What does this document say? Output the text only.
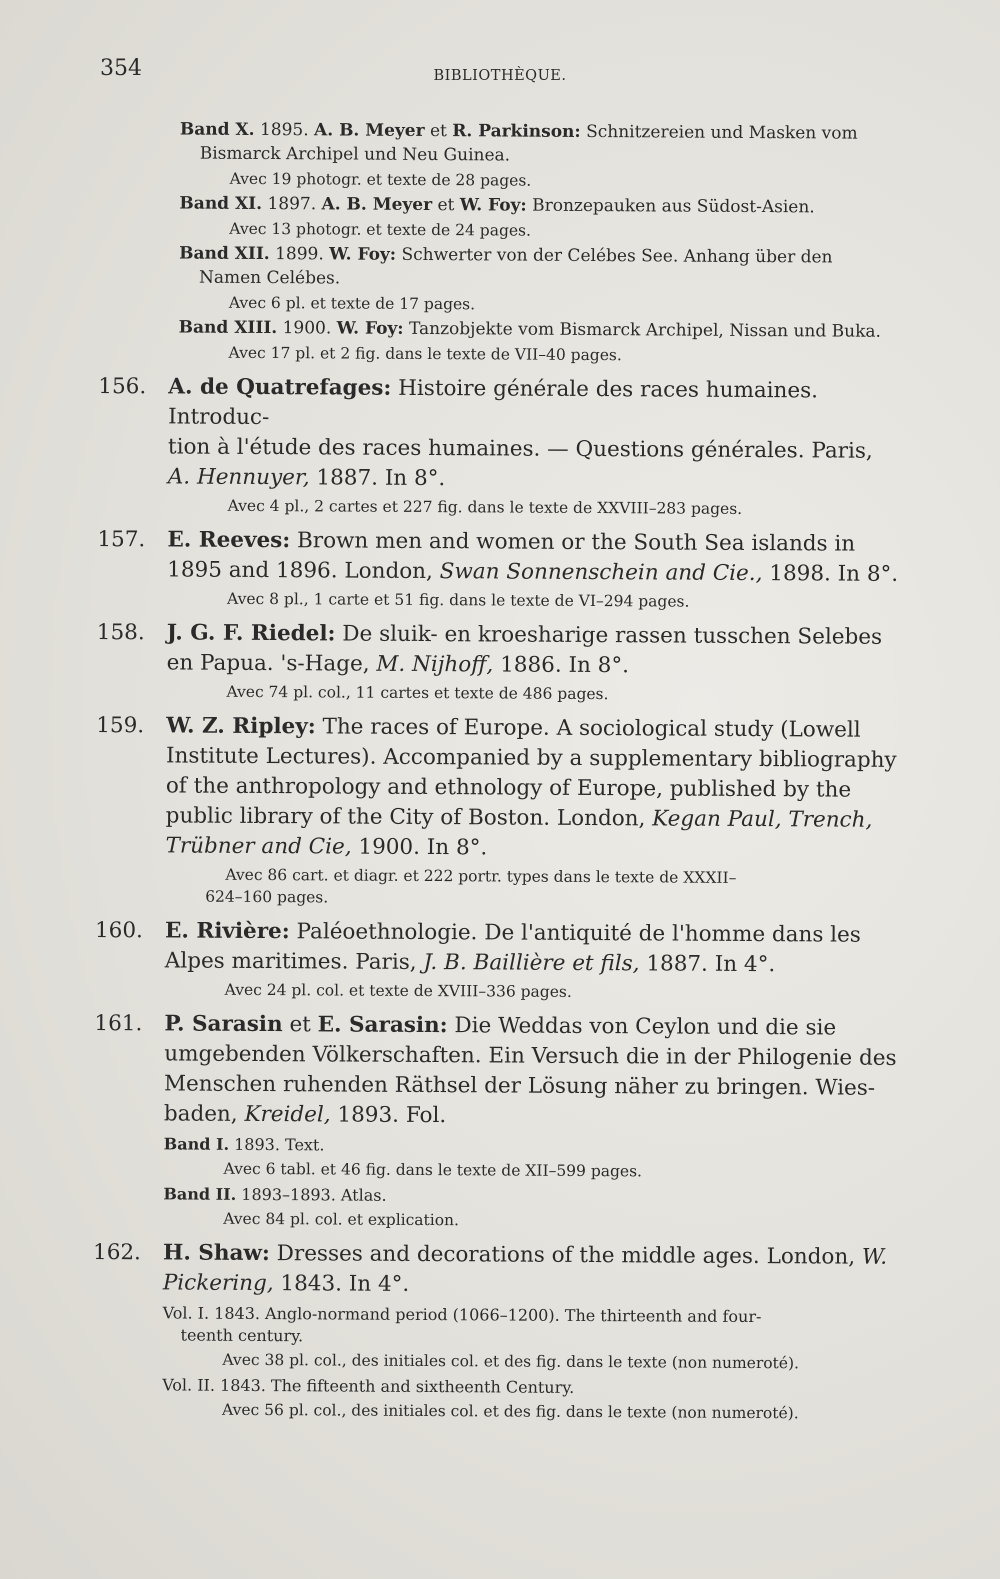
354	BIBLIOTHÈQUE.
Band X. 1895. A. B. Meyer et R. Parkinson: Schnitzereien und Masken vom
Bismarck Archipel und Neu Guinea.
Avec 19 photogr. et texte de 28 pages.
Band XI. 1897. A. B. Meyer et W. Foy: Bronzepauken aus Südost-Asien.
Avec 13 photogr. et texte de 24 pages.
Band XII. 1899. W. Foy: Schwerter von der Celébes See. Anhang über den
Namen Celébes.
Avec 6 pl. et texte de 17 pages.
Band XIII. 1900. W. Foy: Tanzobjekte vom Bismarck Archipel, Nissan und Buka.
Avec 17 pl. et 2 fig. dans le texte de VII–40 pages.
156. A. de Quatrefages: Histoire générale des races humaines. Introduc-
tion à l'étude des races humaines. — Questions générales. Paris,
A. Hennuyer, 1887. In 8°.
Avec 4 pl., 2 cartes et 227 fig. dans le texte de XXVIII–283 pages.
157. E. Reeves: Brown men and women or the South Sea islands in
1895 and 1896. London, Swan Sonnenschein and Cie., 1898. In 8°.
Avec 8 pl., 1 carte et 51 fig. dans le texte de VI–294 pages.
158. J. G. F. Riedel: De sluik- en kroesharige rassen tusschen Selebes
en Papua. 's-Hage, M. Nijhoff, 1886. In 8°.
Avec 74 pl. col., 11 cartes et texte de 486 pages.
159. W. Z. Ripley: The races of Europe. A sociological study (Lowell
Institute Lectures). Accompanied by a supplementary bibliography
of the anthropology and ethnology of Europe, published by the
public library of the City of Boston. London, Kegan Paul, Trench,
Trübner and Cie, 1900. In 8°.
Avec 86 cart. et diagr. et 222 portr. types dans le texte de XXXII–
624–160 pages.
160. E. Rivière: Paléoethnologie. De l'antiquité de l'homme dans les
Alpes maritimes. Paris, J. B. Baillière et fils, 1887. In 4°.
Avec 24 pl. col. et texte de XVIII–336 pages.
161. P. Sarasin et E. Sarasin: Die Weddas von Ceylon und die sie
umgebenden Völkerschaften. Ein Versuch die in der Philogenie des
Menschen ruhenden Räthsel der Lösung näher zu bringen. Wies-
baden, Kreidel, 1893. Fol.
Band I. 1893. Text.
Avec 6 tabl. et 46 fig. dans le texte de XII–599 pages.
Band II. 1893–1893. Atlas.
Avec 84 pl. col. et explication.
162. H. Shaw: Dresses and decorations of the middle ages. London, W.
Pickering, 1843. In 4°.
Vol. I. 1843. Anglo-normand period (1066–1200). The thirteenth and four-
teenth century.
Avec 38 pl. col., des initiales col. et des fig. dans le texte (non numeroté).
Vol. II. 1843. The fifteenth and sixtheenth Century.
Avec 56 pl. col., des initiales col. et des fig. dans le texte (non numeroté).
